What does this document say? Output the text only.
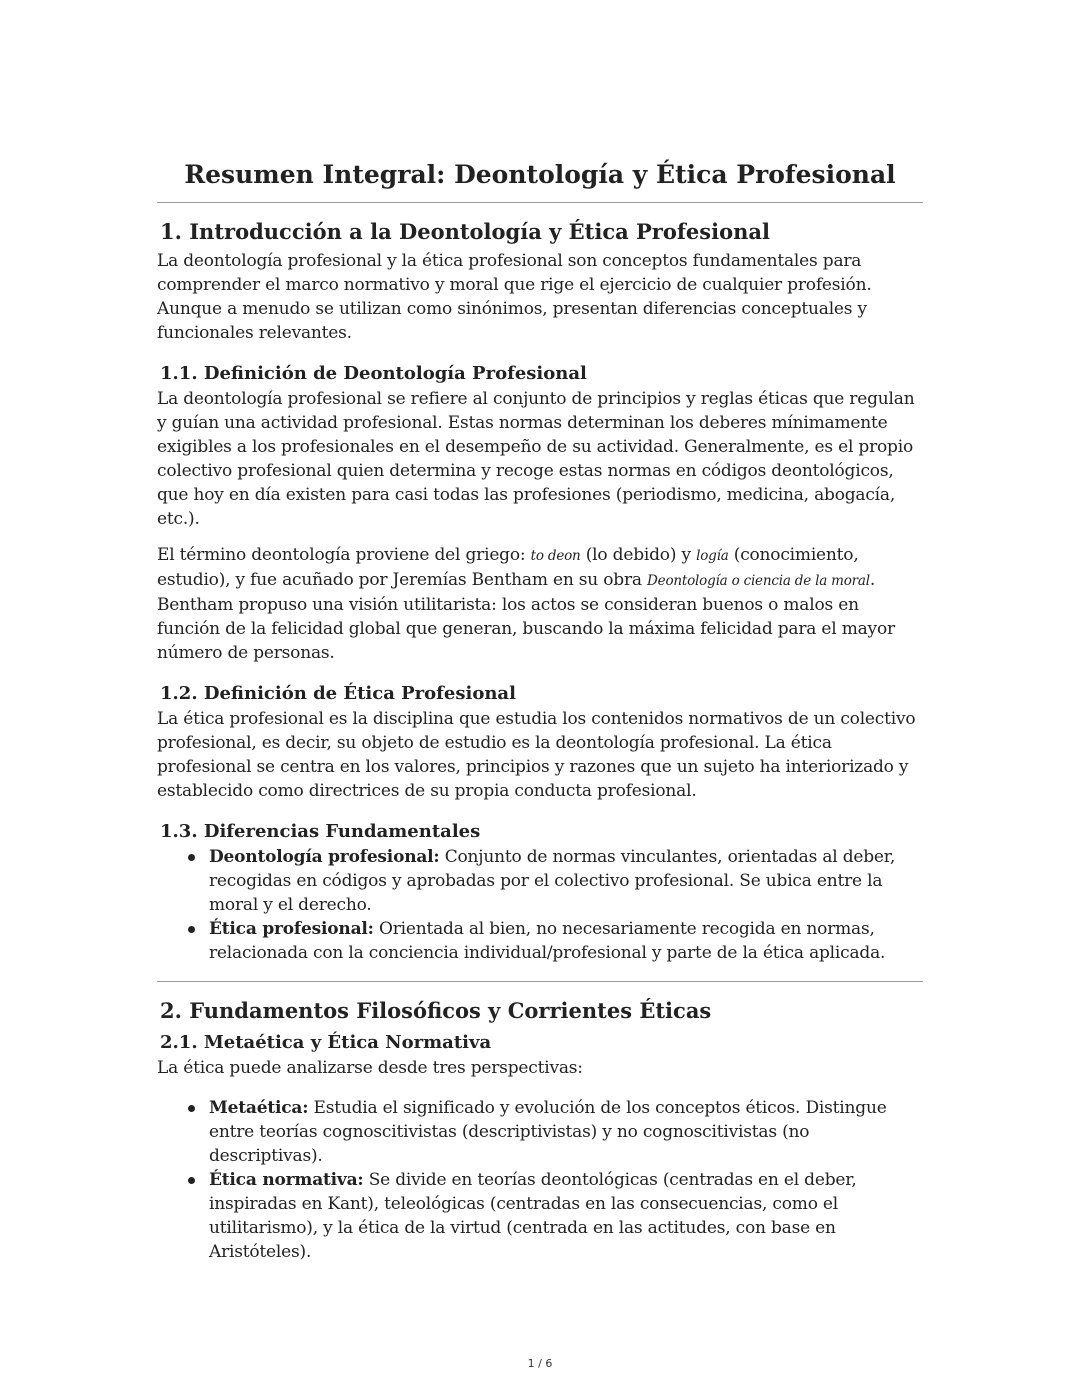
Resumen Integral: Deontología y Ética Profesional
1. Introducción a la Deontología y Ética Profesional

La deontología profesional y la ética profesional son conceptos fundamentales para comprender el marco normativo y moral que rige el ejercicio de cualquier profesión. Aunque a menudo se utilizan como sinónimos, presentan diferencias conceptuales y funcionales relevantes.

1.1. Definición de Deontología Profesional

La deontología profesional se refiere al conjunto de principios y reglas éticas que regulan y guían una actividad profesional. Estas normas determinan los deberes mínimamente exigibles a los profesionales en el desempeño de su actividad. Generalmente, es el propio colectivo profesional quien determina y recoge estas normas en códigos deontológicos, que hoy en día existen para casi todas las profesiones (periodismo, medicina, abogacía, etc.).

El término deontología proviene del griego: to deon (lo debido) y logía (conocimiento, estudio), y fue acuñado por Jeremías Bentham en su obra Deontología o ciencia de la moral. Bentham propuso una visión utilitarista: los actos se consideran buenos o malos en función de la felicidad global que generan, buscando la máxima felicidad para el mayor número de personas.

1.2. Definición de Ética Profesional

La ética profesional es la disciplina que estudia los contenidos normativos de un colectivo profesional, es decir, su objeto de estudio es la deontología profesional. La ética profesional se centra en los valores, principios y razones que un sujeto ha interiorizado y establecido como directrices de su propia conducta profesional.

1.3. Diferencias Fundamentales
Deontología profesional: Conjunto de normas vinculantes, orientadas al deber, recogidas en códigos y aprobadas por el colectivo profesional. Se ubica entre la moral y el derecho.
Ética profesional: Orientada al bien, no necesariamente recogida en normas, relacionada con la conciencia individual/profesional y parte de la ética aplicada.
2. Fundamentos Filosóficos y Corrientes Éticas
2.1. Metaética y Ética Normativa

La ética puede analizarse desde tres perspectivas:

Metaética: Estudia el significado y evolución de los conceptos éticos. Distingue entre teorías cognoscitivistas (descriptivistas) y no cognoscitivistas (no descriptivas).
Ética normativa: Se divide en teorías deontológicas (centradas en el deber, inspiradas en Kant), teleológicas (centradas en las consecuencias, como el utilitarismo), y la ética de la virtud (centrada en las actitudes, con base en Aristóteles).
1 / 6
